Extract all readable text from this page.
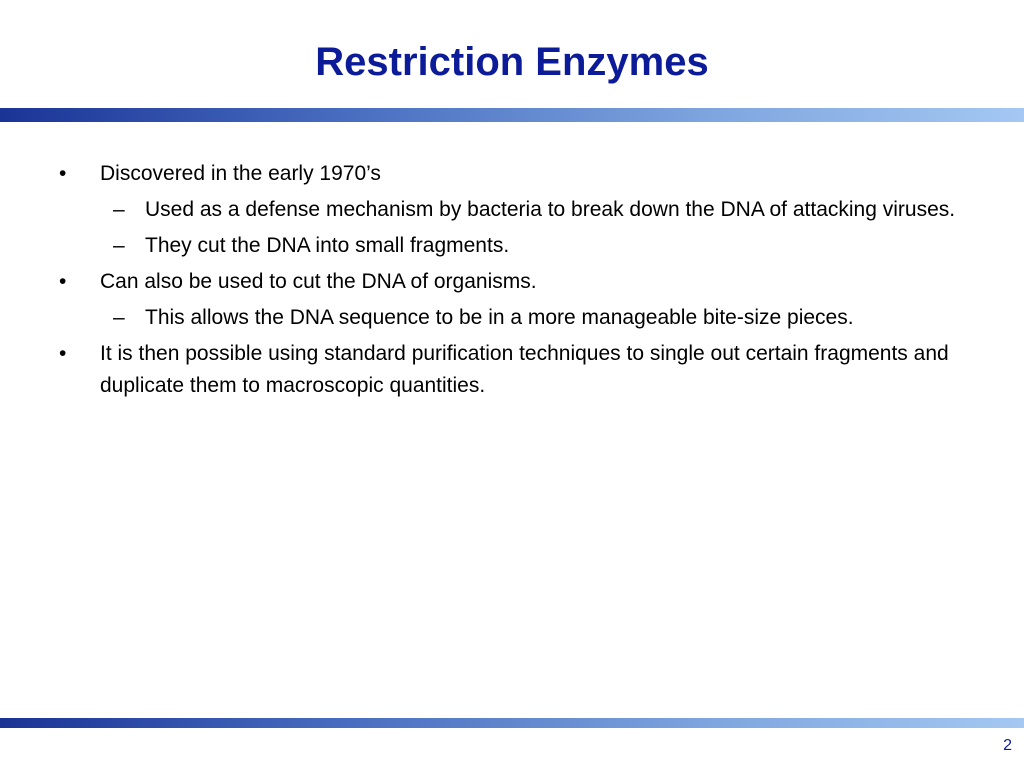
Restriction Enzymes
• Discovered in the early 1970’s
– Used as a defense mechanism by bacteria to break down the DNA of attacking viruses.
– They cut the DNA into small fragments.
• Can also be used to cut the DNA of organisms.
– This allows the DNA sequence to be in a more manageable bite-size pieces.
• It is then possible using standard purification techniques to single out certain fragments and duplicate them to macroscopic quantities.
2
